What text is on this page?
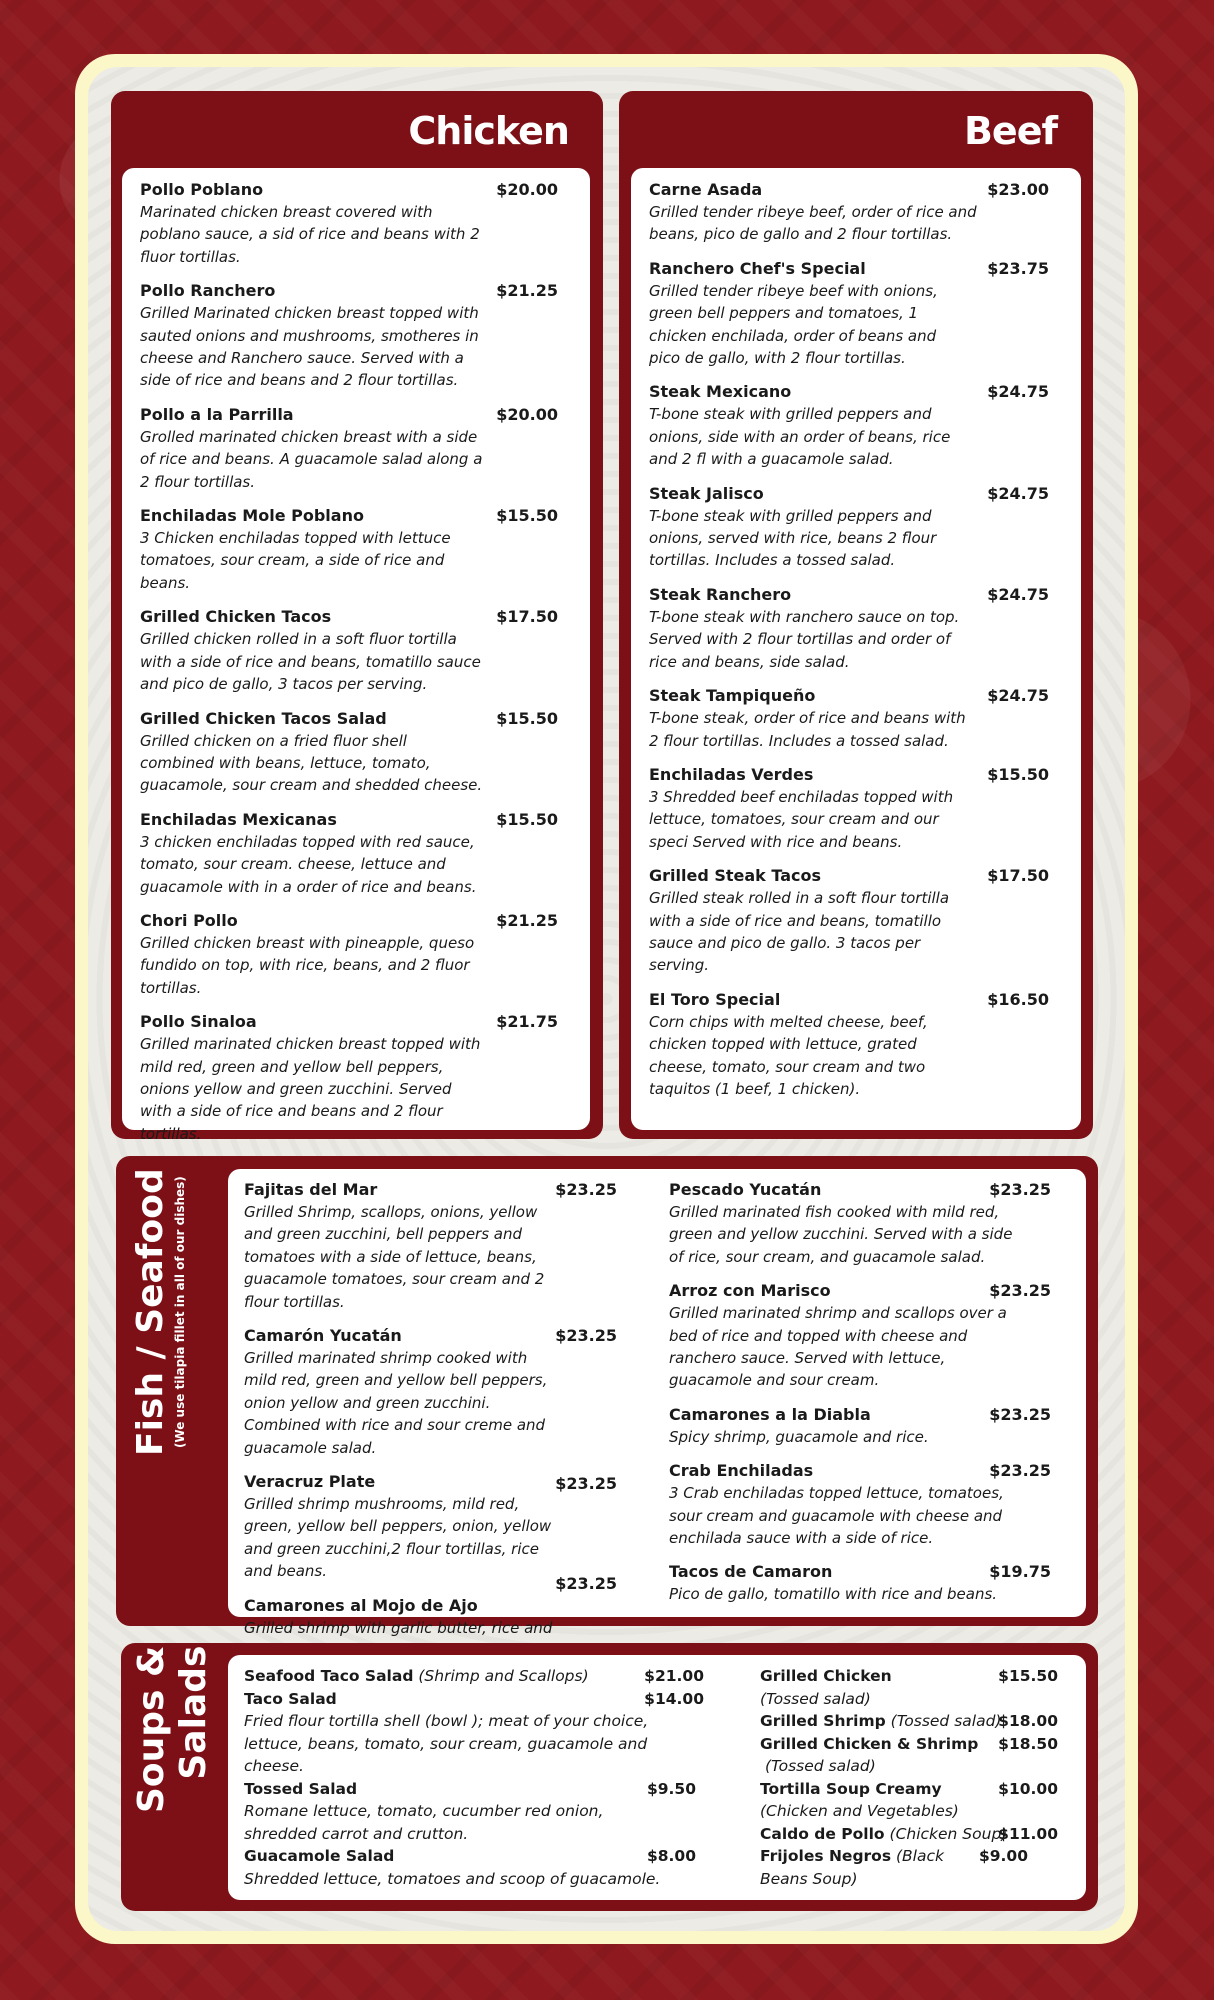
Chicken
Pollo Poblano	$20.00
Marinated chicken breast covered with poblano sauce, a sid of rice and beans with 2 fluor tortillas.
Pollo Ranchero	$21.25
Grilled Marinated chicken breast topped with sauted onions and mushrooms, smotheres in cheese and Ranchero sauce. Served with a side of rice and beans and 2 flour tortillas.
Pollo a la Parrilla	$20.00
Grolled marinated chicken breast with a side of rice and beans. A guacamole salad along a 2 flour tortillas.
Enchiladas Mole Poblano	$15.50
3 Chicken enchiladas topped with lettuce tomatoes, sour cream, a side of rice and beans.
Grilled Chicken Tacos	$17.50
Grilled chicken rolled in a soft fluor tortilla with a side of rice and beans, tomatillo sauce and pico de gallo, 3 tacos per serving.
Grilled Chicken Tacos Salad	$15.50
Grilled chicken on a fried fluor shell combined with beans, lettuce, tomato, guacamole, sour cream and shedded cheese.
Enchiladas Mexicanas	$15.50
3 chicken enchiladas topped with red sauce, tomato, sour cream. cheese, lettuce and guacamole with in a order of rice and beans.
Chori Pollo	$21.25
Grilled chicken breast with pineapple, queso fundido on top, with rice, beans, and 2 fluor tortillas.
Pollo Sinaloa	$21.75
Grilled marinated chicken breast topped with mild red, green and yellow bell peppers, onions yellow and green zucchini. Served with a side of rice and beans and 2 flour tortillas.
Beef
Carne Asada	$23.00
Grilled tender ribeye beef, order of rice and beans, pico de gallo and 2 flour tortillas.
Ranchero Chef's Special	$23.75
Grilled tender ribeye beef with onions, green bell peppers and tomatoes, 1 chicken enchilada, order of beans and pico de gallo, with 2 flour tortillas.
Steak Mexicano	$24.75
T-bone steak with grilled peppers and onions, side with an order of beans, rice and 2 fl with a guacamole salad.
Steak Jalisco	$24.75
T-bone steak with grilled peppers and onions, served with rice, beans 2 flour tortillas. Includes a tossed salad.
Steak Ranchero	$24.75
T-bone steak with ranchero sauce on top. Served with 2 flour tortillas and order of rice and beans, side salad.
Steak Tampiqueño	$24.75
T-bone steak, order of rice and beans with 2 flour tortillas. Includes a tossed salad.
Enchiladas Verdes	$15.50
3 Shredded beef enchiladas topped with lettuce, tomatoes, sour cream and our speci Served with rice and beans.
Grilled Steak Tacos	$17.50
Grilled steak rolled in a soft flour tortilla with a side of rice and beans, tomatillo sauce and pico de gallo. 3 tacos per serving.
El Toro Special	$16.50
Corn chips with melted cheese, beef, chicken topped with lettuce, grated cheese, tomato, sour cream and two taquitos (1 beef, 1 chicken).
Fish / Seafood (We use tilapia fillet in all of our dishes)	Fajitas del Mar	$23.25
Grilled Shrimp, scallops, onions, yellow and green zucchini, bell peppers and tomatoes with a side of lettuce, beans, guacamole tomatoes, sour cream and 2 flour tortillas.
Camarón Yucatán	$23.25
Grilled marinated shrimp cooked with mild red, green and yellow bell peppers, onion yellow and green zucchini. Combined with rice and sour creme and guacamole salad.
Veracruz Plate	$23.25
Grilled shrimp mushrooms, mild red, green, yellow bell peppers, onion, yellow and green zucchini,2 flour tortillas, rice and beans.
Camarones al Mojo de Ajo
$23.25
Grilled shrimp with garlic butter, rice and
Pescado Yucatán	$23.25
Grilled marinated fish cooked with mild red, green and yellow zucchini. Served with a side of rice, sour cream, and guacamole salad.
Arroz con Marisco	$23.25
Grilled marinated shrimp and scallops over a bed of rice and topped with cheese and ranchero sauce. Served with lettuce, guacamole and sour cream.
Camarones a la Diabla	$23.25
Spicy shrimp, guacamole and rice.
Crab Enchiladas	$23.25
3 Crab enchiladas topped lettuce, tomatoes, sour cream and guacamole with cheese and enchilada sauce with a side of rice.
Tacos de Camaron	$19.75
Pico de gallo, tomatillo with rice and beans.
Soups & Salads Seafood Taco Salad (Shrimp and Scallops)	$21.00
Taco Salad	$14.00
Fried flour tortilla shell (bowl ); meat of your choice, lettuce, beans, tomato, sour cream, guacamole and cheese.
Tossed Salad	$9.50
Romane lettuce, tomato, cucumber red onion, shredded carrot and crutton.
Guacamole Salad	$8.00
Shredded lettuce, tomatoes and scoop of guacamole.
Grilled Chicken	$15.50
(Tossed salad)
Grilled Shrimp (Tossed salad)
$18.00
Grilled Chicken & Shrimp $18.50
(Tossed salad)
Tortilla Soup Creamy	$10.00
(Chicken and Vegetables)
Caldo de Pollo (Chicken Soup)
$11.00
Frijoles Negros (Black Beans Soup)
$9.00
